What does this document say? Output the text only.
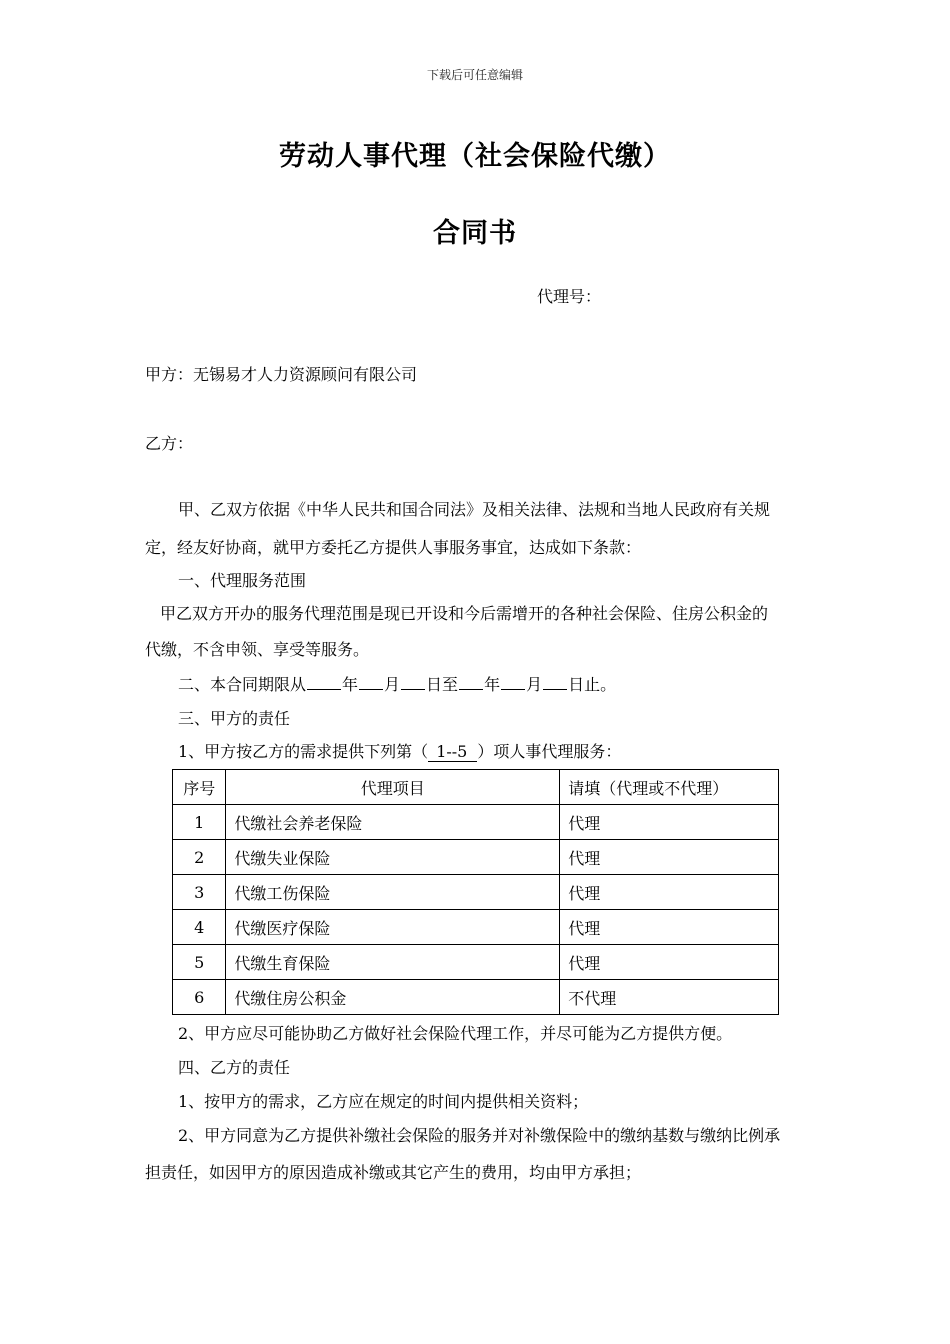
下载后可任意编辑
劳动人事代理（社会保险代缴）
合同书
代理号：
甲方：无锡易才人力资源顾问有限公司
乙方：
甲、乙双方依据《中华人民共和国合同法》及相关法律、法规和当地人民政府有关规
定，经友好协商，就甲方委托乙方提供人事服务事宜，达成如下条款：
一、代理服务范围
甲乙双方开办的服务代理范围是现已开设和今后需增开的各种社会保险、住房公积金的
代缴，不含申领、享受等服务。
二、本合同期限从 年 月 日至 年 月 日止。
三、甲方的责任
1、甲方按乙方的需求提供下列第（ 1--5 ）项人事代理服务：
序号	代理项目	请填（代理或不代理）
1	代缴社会养老保险	代理
2	代缴失业保险	代理
3	代缴工伤保险	代理
4	代缴医疗保险	代理
5	代缴生育保险	代理
6	代缴住房公积金	不代理
2、甲方应尽可能协助乙方做好社会保险代理工作，并尽可能为乙方提供方便。
四、乙方的责任
1、按甲方的需求，乙方应在规定的时间内提供相关资料；
2、甲方同意为乙方提供补缴社会保险的服务并对补缴保险中的缴纳基数与缴纳比例承
担责任，如因甲方的原因造成补缴或其它产生的费用，均由甲方承担；
